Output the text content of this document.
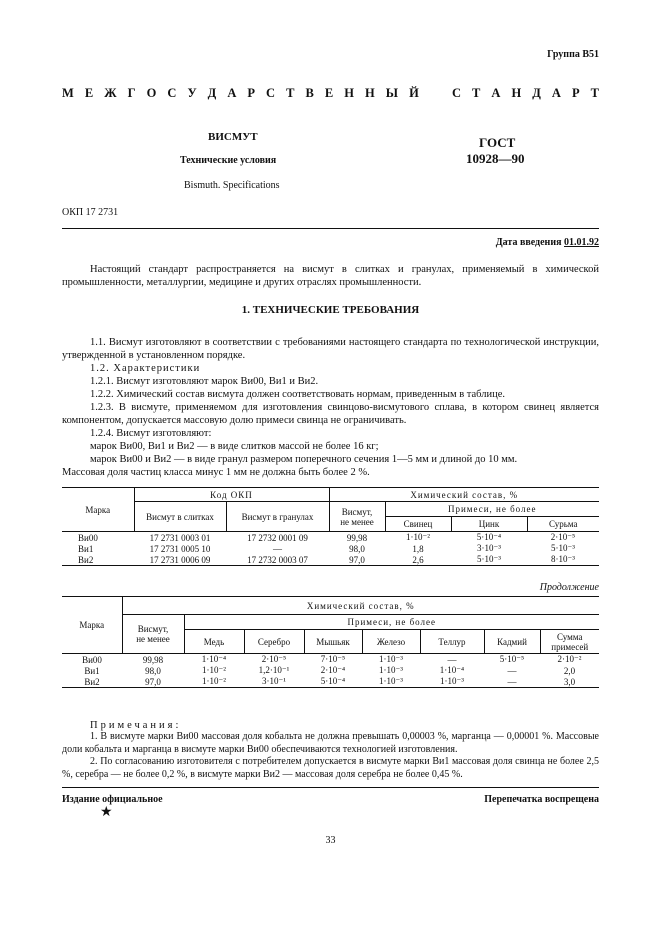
Группа В51
М Е Ж Г О С У Д А Р С Т В Е Н Н Ы Й   С Т А Н Д А Р Т
ВИСМУТ
Технические условия
Bismuth. Specifications
ГОСТ
10928—90
ОКП 17 2731
Дата введения 01.01.92
Настоящий стандарт распространяется на висмут в слитках и гранулах, применяемый в химической промышленности, металлургии, медицине и других отраслях промышленности.
1. ТЕХНИЧЕСКИЕ ТРЕБОВАНИЯ
1.1. Висмут изготовляют в соответствии с требованиями настоящего стандарта по технологической инструкции, утвержденной в установленном порядке.
1.2. Характеристики
1.2.1. Висмут изготовляют марок Ви00, Ви1 и Ви2.
1.2.2. Химический состав висмута должен соответствовать нормам, приведенным в таблице.
1.2.3. В висмуте, применяемом для изготовления свинцово-висмутового сплава, в котором свинец является компонентом, допускается массовую долю примеси свинца не ограничивать.
1.2.4. Висмут изготовляют:
марок Ви00, Ви1 и Ви2 — в виде слитков массой не более 16 кг;
марок Ви00 и Ви2 — в виде гранул размером поперечного сечения 1—5 мм и длиной до 10 мм.
Массовая доля частиц класса минус 1 мм не должна быть более 2 %.
Марка	Код ОКП		Химический состав, %			
	Висмут в слитках	Висмут в гранулах	Висмут,
не менее	Примеси, не более		
				Свинец	Цинк	Сурьма
Ви00	17 2731 0003 01	17 2732 0001 09	99,98	1·10⁻²	5·10⁻⁴	2·10⁻⁵
Ви1	17 2731 0005 10	—	98,0	1,8	3·10⁻³	5·10⁻³
Ви2	17 2731 0006 09	17 2732 0003 07	97,0	2,6	5·10⁻³	8·10⁻³
Продолжение
Марка	Химический состав, %							
	Висмут,
не менее	Примеси, не более						
		Медь	Серебро	Мышьяк	Железо	Теллур	Кадмий	Сумма
примесей
Ви00	99,98	1·10⁻⁴	2·10⁻⁵	7·10⁻⁵	1·10⁻³	—	5·10⁻⁵	2·10⁻²
Ви1	98,0	1·10⁻²	1,2·10⁻¹	2·10⁻⁴	1·10⁻³	1·10⁻⁴	—	2,0
Ви2	97,0	1·10⁻²	3·10⁻¹	5·10⁻⁴	1·10⁻³	1·10⁻³	—	3,0
Примечания:
1. В висмуте марки Ви00 массовая доля кобальта не должна превышать 0,00003 %, марганца — 0,00001 %. Массовые доли кобальта и марганца в висмуте марки Ви00 обеспечиваются технологией изготовления.
2. По согласованию изготовителя с потребителем допускается в висмуте марки Ви1 массовая доля свинца не более 2,5 %, серебра — не более 0,2 %, в висмуте марки Ви2 — массовая доля серебра не более 0,45 %.
Издание официальное	Перепечатка воспрещена
★
33
